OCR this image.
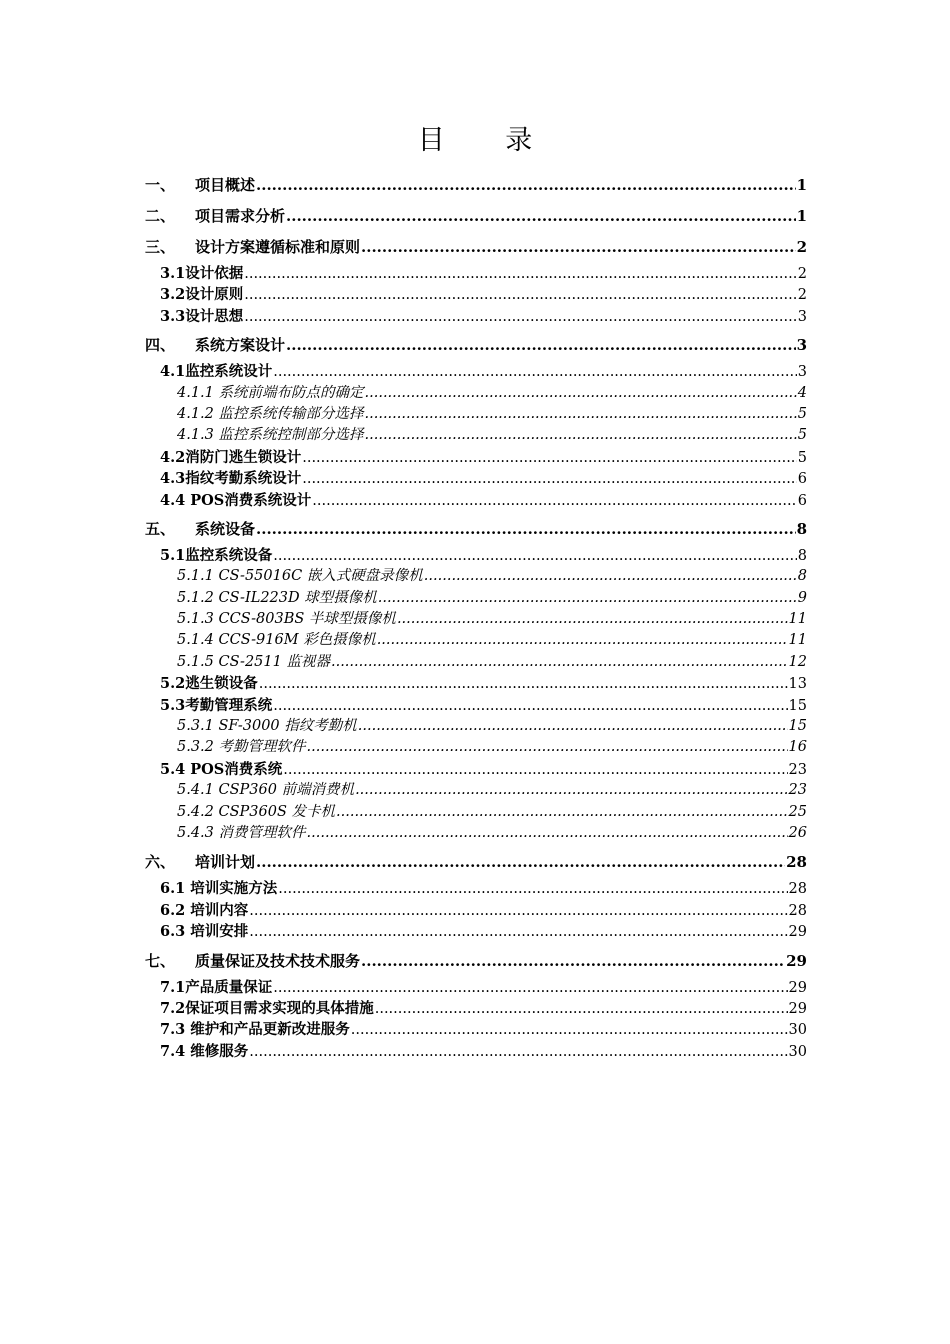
目 录
一、	项目概述 .....	1
二、	项目需求分析 .....	1
三、	设计方案遵循标准和原则 .....	2
3.1设计依据 .....	2
3.2设计原则 .....	2
3.3设计思想 .....	3
四、	系统方案设计 .....	3
4.1监控系统设计 .....	3
4.1.1 系统前端布防点的确定 .....	4
4.1.2 监控系统传输部分选择 .....	5
4.1.3 监控系统控制部分选择 .....	5
4.2消防门逃生锁设计 .....	5
4.3指纹考勤系统设计 .....	6
4.4 POS消费系统设计 .....	6
五、	系统设备 .....	8
5.1监控系统设备 .....	8
5.1.1 CS-55016C 嵌入式硬盘录像机 .....	8
5.1.2 CS-IL223D 球型摄像机 .....	9
5.1.3 CCS-803BS 半球型摄像机 .....	11
5.1.4 CCS-916M 彩色摄像机 .....	11
5.1.5 CS-2511 监视器 .....	12
5.2逃生锁设备 .....	13
5.3考勤管理系统 .....	15
5.3.1 SF-3000 指纹考勤机 .....	15
5.3.2 考勤管理软件 .....	16
5.4 POS消费系统 .....	23
5.4.1 CSP360 前端消费机 .....	23
5.4.2 CSP360S 发卡机 .....	25
5.4.3 消费管理软件 .....	26
六、	培训计划 .....	28
6.1 培训实施方法 .....	28
6.2 培训内容 .....	28
6.3 培训安排 .....	29
七、	质量保证及技术技术服务 .....	29
7.1产品质量保证 .....	29
7.2保证项目需求实现的具体措施 .....	29
7.3 维护和产品更新改进服务 .....	30
7.4 维修服务 .....	30
